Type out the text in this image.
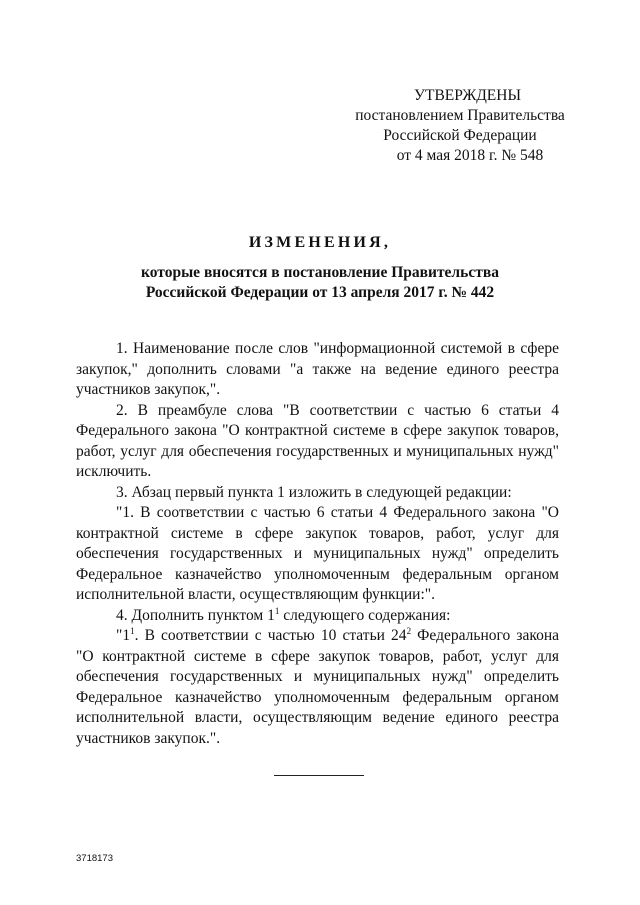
УТВЕРЖДЕНЫ
постановлением Правительства
Российской Федерации
от 4 мая 2018 г. № 548
ИЗМЕНЕНИЯ,
которые вносятся в постановление Правительства
Российской Федерации от 13 апреля 2017 г. № 442

1. Наименование после слов "информационной системой в сфере закупок," дополнить словами "а также на ведение единого реестра участников закупок,".

2. В преамбуле слова "В соответствии с частью 6 статьи 4 Федерального закона "О контрактной системе в сфере закупок товаров, работ, услуг для обеспечения государственных и муниципальных нужд" исключить.

3. Абзац первый пункта 1 изложить в следующей редакции:

"1. В соответствии с частью 6 статьи 4 Федерального закона "О контрактной системе в сфере закупок товаров, работ, услуг для обеспечения государственных и муниципальных нужд" определить Федеральное казначейство уполномоченным федеральным органом исполнительной власти, осуществляющим функции:".

4. Дополнить пунктом $1^1$ следующего содержания:

"$1^1$. В соответствии с частью 10 статьи $24^2$ Федерального закона "О контрактной системе в сфере закупок товаров, работ, услуг для обеспечения государственных и муниципальных нужд" определить Федеральное казначейство уполномоченным федеральным органом исполнительной власти, осуществляющим ведение единого реестра участников закупок.".

3718173
